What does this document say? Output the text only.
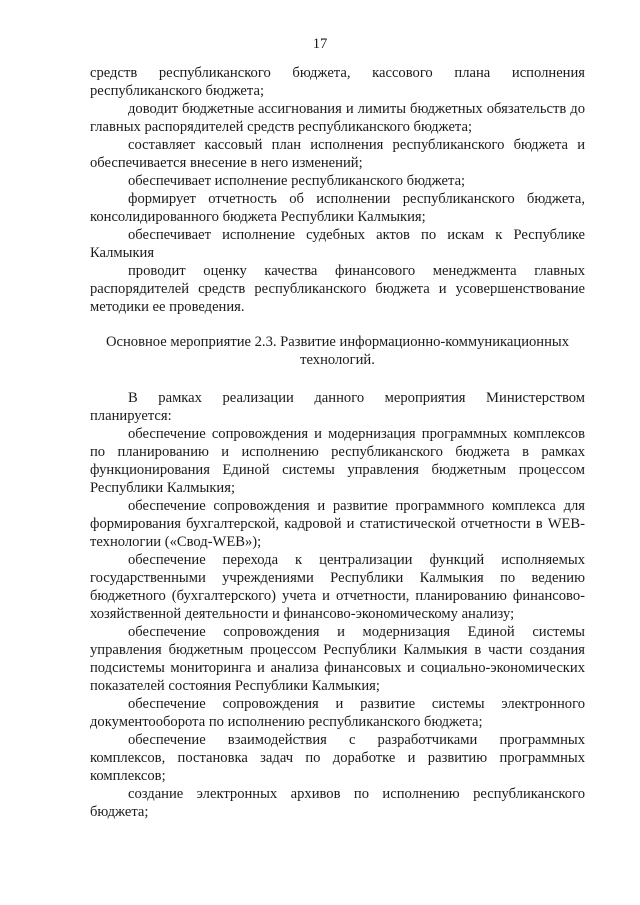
17

средств республиканского бюджета, кассового плана исполнения республиканского бюджета;

доводит бюджетные ассигнования и лимиты бюджетных обязательств до главных распорядителей средств республиканского бюджета;

составляет кассовый план исполнения республиканского бюджета и обеспечивается внесение в него изменений;

обеспечивает исполнение республиканского бюджета;

формирует отчетность об исполнении республиканского бюджета, консолидированного бюджета Республики Калмыкия;

обеспечивает исполнение судебных актов по искам к Республике Калмыкия

проводит оценку качества финансового менеджмента главных распорядителей средств республиканского бюджета и усовершенствование методики ее проведения.

Основное мероприятие 2.3. Развитие информационно-коммуникационных технологий.

В рамках реализации данного мероприятия Министерством планируется:

обеспечение сопровождения и модернизация программных комплексов по планированию и исполнению республиканского бюджета в рамках функционирования Единой системы управления бюджетным процессом Республики Калмыкия;

обеспечение сопровождения и развитие программного комплекса для формирования бухгалтерской, кадровой и статистической отчетности в WEB-технологии («Свод-WEB»);

обеспечение перехода к централизации функций исполняемых государственными учреждениями Республики Калмыкия по ведению бюджетного (бухгалтерского) учета и отчетности, планированию финансово-хозяйственной деятельности и финансово-экономическому анализу;

обеспечение сопровождения и модернизация Единой системы управления бюджетным процессом Республики Калмыкия в части создания подсистемы мониторинга и анализа финансовых и социально-экономических показателей состояния Республики Калмыкия;

обеспечение сопровождения и развитие системы электронного документооборота по исполнению республиканского бюджета;

обеспечение взаимодействия с разработчиками программных комплексов, постановка задач по доработке и развитию программных комплексов;

создание электронных архивов по исполнению республиканского бюджета;
